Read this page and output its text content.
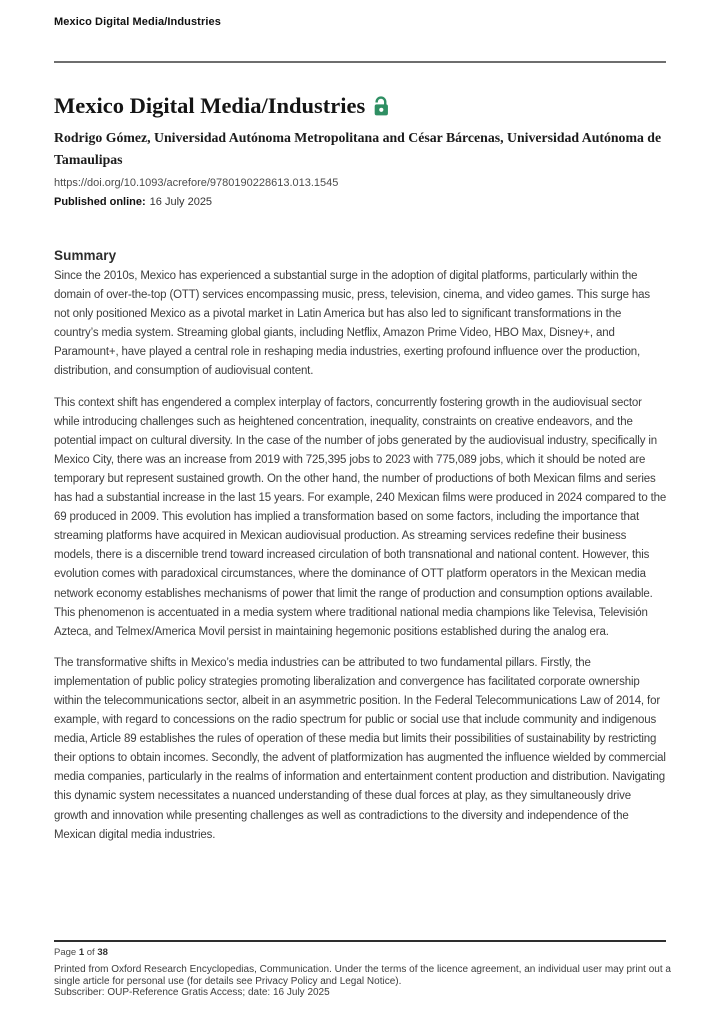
Mexico Digital Media/Industries
Mexico Digital Media/Industries
Rodrigo Gómez, Universidad Autónoma Metropolitana and César Bárcenas, Universidad Autónoma de Tamaulipas
https://doi.org/10.1093/acrefore/9780190228613.013.1545
Published online: 16 July 2025
Summary

Since the 2010s, Mexico has experienced a substantial surge in the adoption of digital platforms, particularly within the domain of over-the-top (OTT) services encompassing music, press, television, cinema, and video games. This surge has not only positioned Mexico as a pivotal market in Latin America but has also led to significant transformations in the country’s media system. Streaming global giants, including Netflix, Amazon Prime Video, HBO Max, Disney+, and Paramount+, have played a central role in reshaping media industries, exerting profound influence over the production, distribution, and consumption of audiovisual content.

This context shift has engendered a complex interplay of factors, concurrently fostering growth in the audiovisual sector while introducing challenges such as heightened concentration, inequality, constraints on creative endeavors, and the potential impact on cultural diversity. In the case of the number of jobs generated by the audiovisual industry, specifically in Mexico City, there was an increase from 2019 with 725,395 jobs to 2023 with 775,089 jobs, which it should be noted are temporary but represent sustained growth. On the other hand, the number of productions of both Mexican films and series has had a substantial increase in the last 15 years. For example, 240 Mexican films were produced in 2024 compared to the 69 produced in 2009. This evolution has implied a transformation based on some factors, including the importance that streaming platforms have acquired in Mexican audiovisual production. As streaming services redefine their business models, there is a discernible trend toward increased circulation of both transnational and national content. However, this evolution comes with paradoxical circumstances, where the dominance of OTT platform operators in the Mexican media network economy establishes mechanisms of power that limit the range of production and consumption options available. This phenomenon is accentuated in a media system where traditional national media champions like Televisa, Televisión Azteca, and Telmex/America Movil persist in maintaining hegemonic positions established during the analog era.

The transformative shifts in Mexico’s media industries can be attributed to two fundamental pillars. Firstly, the implementation of public policy strategies promoting liberalization and convergence has facilitated corporate ownership within the telecommunications sector, albeit in an asymmetric position. In the Federal Telecommunications Law of 2014, for example, with regard to concessions on the radio spectrum for public or social use that include community and indigenous media, Article 89 establishes the rules of operation of these media but limits their possibilities of sustainability by restricting their options to obtain incomes. Secondly, the advent of platformization has augmented the influence wielded by commercial media companies, particularly in the realms of information and entertainment content production and distribution. Navigating this dynamic system necessitates a nuanced understanding of these dual forces at play, as they simultaneously drive growth and innovation while presenting challenges as well as contradictions to the diversity and independence of the Mexican digital media industries.

Page 1 of 38
Printed from Oxford Research Encyclopedias, Communication. Under the terms of the licence agreement, an individual user may print out a single article for personal use (for details see Privacy Policy and Legal Notice).
Subscriber: OUP-Reference Gratis Access; date: 16 July 2025
